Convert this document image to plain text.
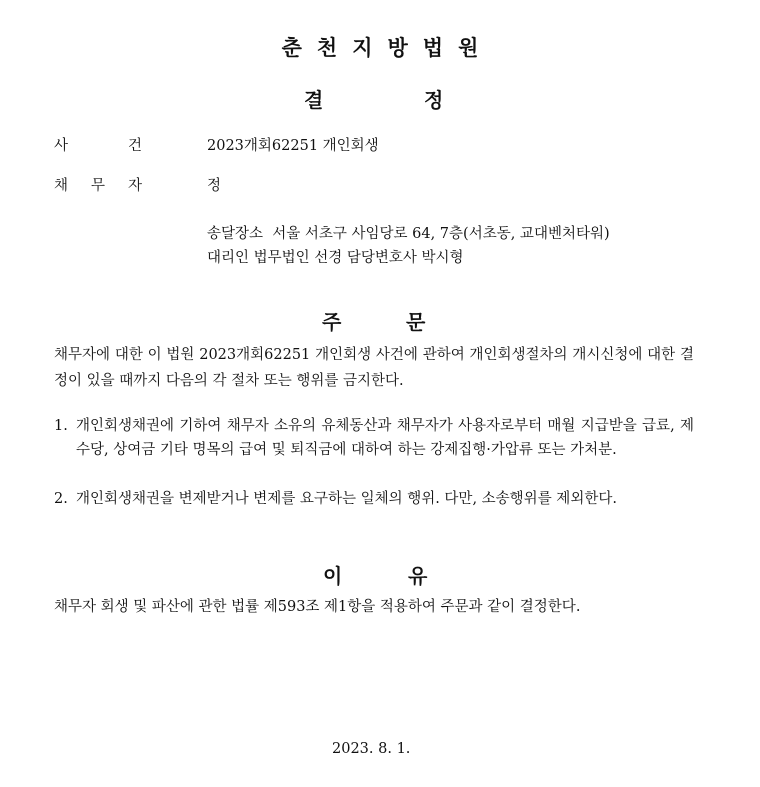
춘천지방법원
결	정
사	건	2023개회62251 개인회생
채 무 자	정
송달장소  서울 서초구 사임당로 64, 7층(서초동, 교대벤처타워)
대리인 법무법인 선경 담당변호사 박시형
주	문
채무자에 대한 이 법원 2023개회62251 개인회생 사건에 관하여 개인회생절차의 개시신청에 대한 결정이 있을 때까지 다음의 각 절차 또는 행위를 금지한다.
1. 개인회생채권에 기하여 채무자 소유의 유체동산과 채무자가 사용자로부터 매월 지급받을 급료, 제수당, 상여금 기타 명목의 급여 및 퇴직금에 대하여 하는 강제집행·가압류 또는 가처분.
2. 개인회생채권을 변제받거나 변제를 요구하는 일체의 행위. 다만, 소송행위를 제외한다.
이	유
채무자 회생 및 파산에 관한 법률 제593조 제1항을 적용하여 주문과 같이 결정한다.
2023. 8. 1.
